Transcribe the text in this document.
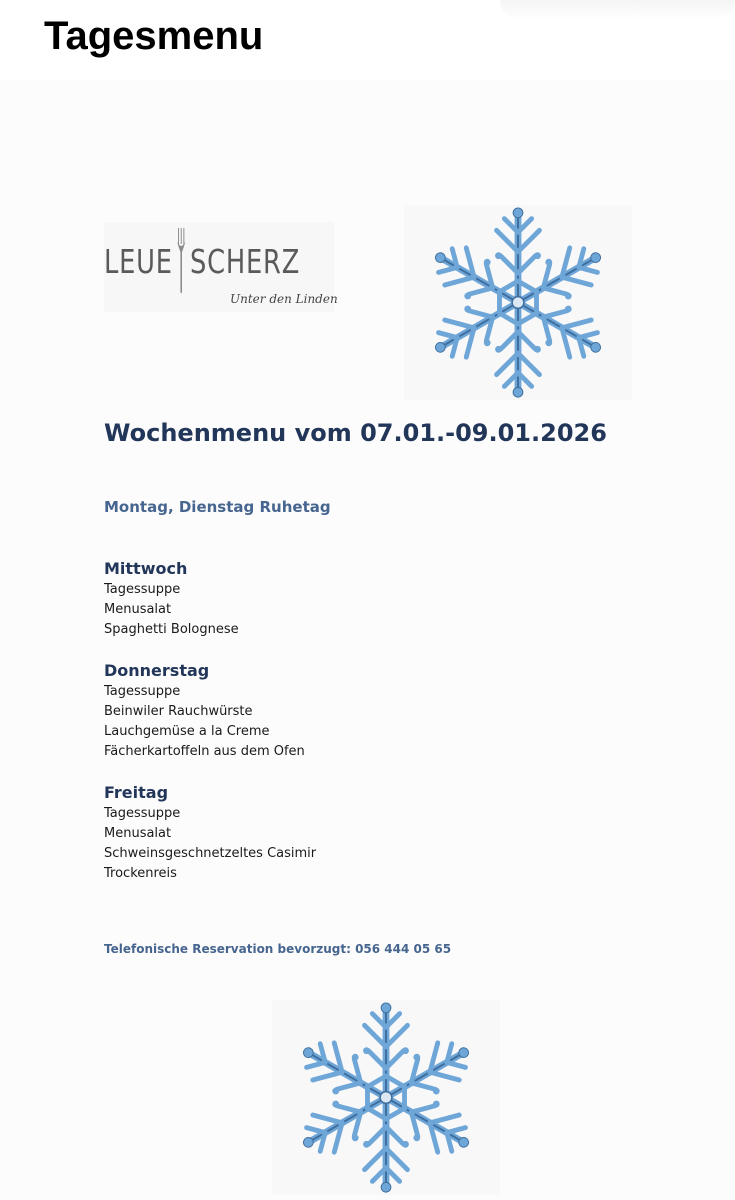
Tagesmenu
LEUE SCHERZ
Unter den Linden
Wochenmenu vom 07.01.-09.01.2026

Montag, Dienstag Ruhetag

Mittwoch
Tagessuppe
Menusalat
Spaghetti Bolognese
Donnerstag
Tagessuppe
Beinwiler Rauchwürste
Lauchgemüse a la Creme
Fächerkartoffeln aus dem Ofen
Freitag
Tagessuppe
Menusalat
Schweinsgeschnetzeltes Casimir
Trockenreis

Telefonische Reservation bevorzugt: 056 444 05 65
